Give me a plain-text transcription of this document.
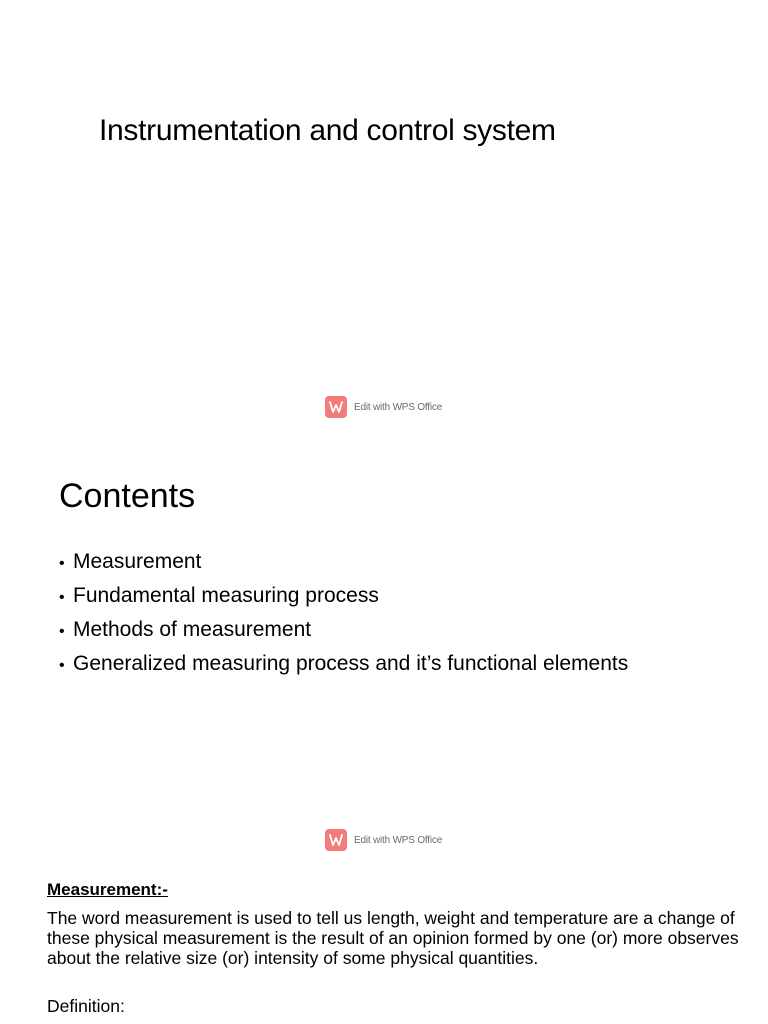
Instrumentation and control system
Edit with WPS Office
Contents
• Measurement
• Fundamental measuring process
• Methods of measurement
• Generalized measuring process and it’s functional elements
Edit with WPS Office
Measurement:-

The word measurement is used to tell us length, weight and temperature are a change of these physical measurement is the result of an opinion formed by one (or) more observes about the relative size (or) intensity of some physical quantities.

Definition:
